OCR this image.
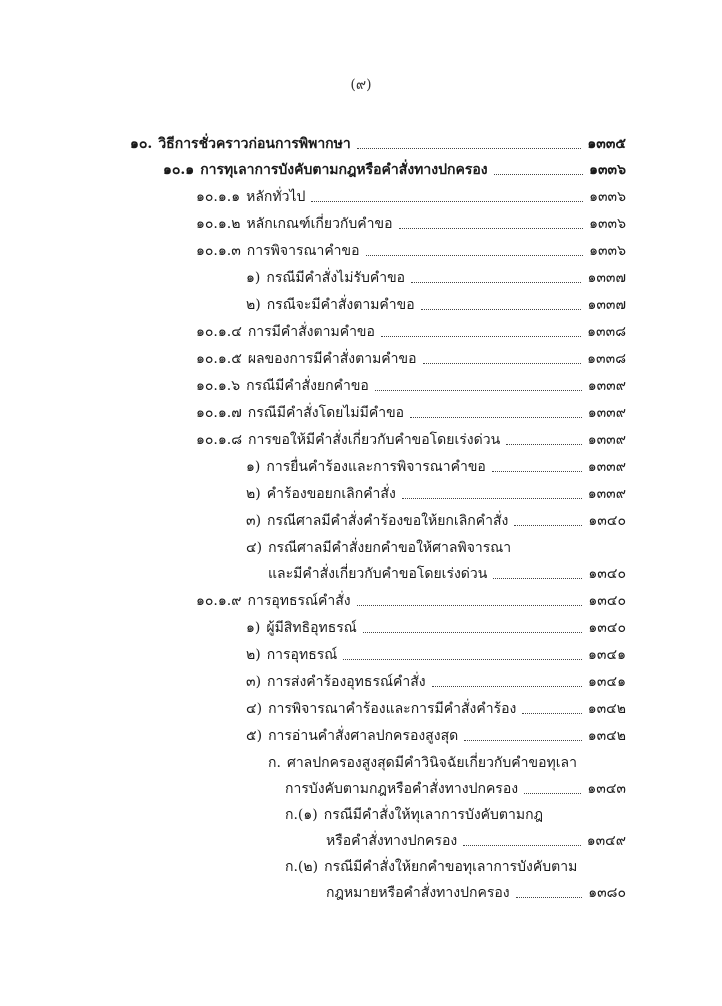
(๙)
๑๐. วิธีการชั่วคราวก่อนการพิพากษา	๑๓๓๕
๑๐.๑ การทุเลาการบังคับตามกฎหรือคำสั่งทางปกครอง	๑๓๓๖
๑๐.๑.๑ หลักทั่วไป	๑๓๓๖
๑๐.๑.๒ หลักเกณฑ์เกี่ยวกับคำขอ	๑๓๓๖
๑๐.๑.๓ การพิจารณาคำขอ	๑๓๓๖
๑) กรณีมีคำสั่งไม่รับคำขอ	๑๓๓๗
๒) กรณีจะมีคำสั่งตามคำขอ	๑๓๓๗
๑๐.๑.๔ การมีคำสั่งตามคำขอ	๑๓๓๘
๑๐.๑.๕ ผลของการมีคำสั่งตามคำขอ	๑๓๓๘
๑๐.๑.๖ กรณีมีคำสั่งยกคำขอ	๑๓๓๙
๑๐.๑.๗ กรณีมีคำสั่งโดยไม่มีคำขอ	๑๓๓๙
๑๐.๑.๘ การขอให้มีคำสั่งเกี่ยวกับคำขอโดยเร่งด่วน	๑๓๓๙
๑) การยื่นคำร้องและการพิจารณาคำขอ	๑๓๓๙
๒) คำร้องขอยกเลิกคำสั่ง	๑๓๓๙
๓) กรณีศาลมีคำสั่งคำร้องขอให้ยกเลิกคำสั่ง	๑๓๔๐
๔) กรณีศาลมีคำสั่งยกคำขอให้ศาลพิจารณา
และมีคำสั่งเกี่ยวกับคำขอโดยเร่งด่วน	๑๓๔๐
๑๐.๑.๙ การอุทธรณ์คำสั่ง	๑๓๔๐
๑) ผู้มีสิทธิอุทธรณ์	๑๓๔๐
๒) การอุทธรณ์	๑๓๔๑
๓) การส่งคำร้องอุทธรณ์คำสั่ง	๑๓๔๑
๔) การพิจารณาคำร้องและการมีคำสั่งคำร้อง	๑๓๔๒
๕) การอ่านคำสั่งศาลปกครองสูงสุด	๑๓๔๒
ก. ศาลปกครองสูงสุดมีคำวินิจฉัยเกี่ยวกับคำขอทุเลา
การบังคับตามกฎหรือคำสั่งทางปกครอง	๑๓๔๓
ก.(๑) กรณีมีคำสั่งให้ทุเลาการบังคับตามกฎ
หรือคำสั่งทางปกครอง	๑๓๔๙
ก.(๒) กรณีมีคำสั่งให้ยกคำขอทุเลาการบังคับตาม
กฎหมายหรือคำสั่งทางปกครอง	๑๓๘๐
